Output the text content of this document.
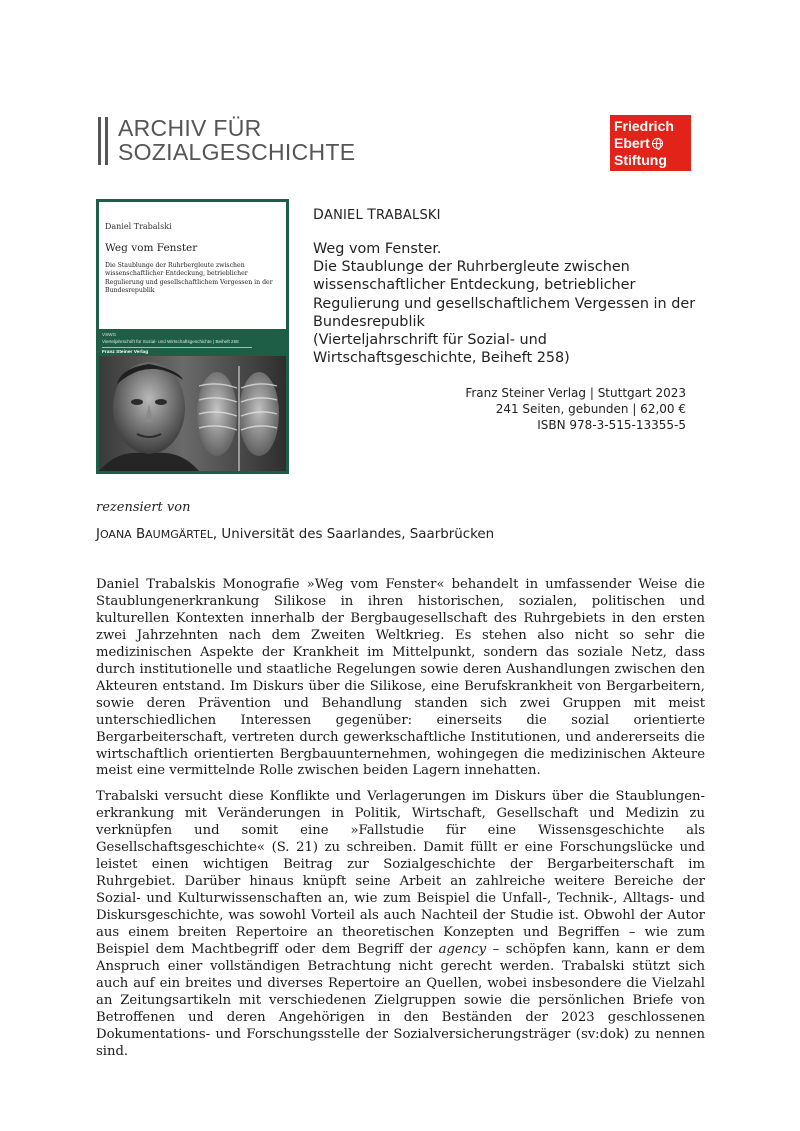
ARCHIV FÜR
SOZIALGESCHICHTE
Friedrich
Ebert
Stiftung
Daniel Trabalski
Weg vom Fenster
Die Staublunge der Ruhrbergleute zwischen wissenschaftlicher Entdeckung, betrieblicher Regulierung und gesellschaftlichem Vergessen in der Bundesrepublik
VSWG
Vierteljahrschrift für Sozial- und Wirtschaftsgeschichte | Beiheft 258
Franz Steiner Verlag
DANIEL TRABALSKI
Weg vom Fenster.
Die Staublunge der Ruhrbergleute zwischen wissenschaftlicher Entdeckung, betrieblicher Regulierung und gesellschaftlichem Vergessen in der Bundesrepublik
(Vierteljahrschrift für Sozial- und Wirtschaftsgeschichte, Beiheft 258)
Franz Steiner Verlag | Stuttgart 2023
241 Seiten, gebunden | 62,00 €
ISBN 978-3-515-13355-5
rezensiert von
JOANA BAUMGÄRTEL, Universität des Saarlandes, Saarbrücken

Daniel Trabalskis Monografie »Weg vom Fenster« behandelt in umfassender Weise die Staublungenerkrankung Silikose in ihren historischen, sozialen, politischen und kulturellen Kontexten innerhalb der Bergbaugesellschaft des Ruhrgebiets in den ersten zwei Jahrzehnten nach dem Zweiten Weltkrieg. Es stehen also nicht so sehr die medizinischen Aspekte der Krankheit im Mittelpunkt, sondern das soziale Netz, dass durch institutionelle und staatliche Regelungen sowie deren Aushandlungen zwischen den Akteuren entstand. Im Diskurs über die Silikose, eine Berufskrankheit von Bergarbeitern, sowie deren Prävention und Behandlung standen sich zwei Gruppen mit meist unterschiedlichen Interessen gegenüber: einerseits die sozial orientierte Bergarbeiterschaft, vertreten durch gewerkschaftliche Institutionen, und andererseits die wirtschaftlich orientierten Bergbauunternehmen, wohingegen die medizinischen Akteure meist eine vermittelnde Rolle zwischen beiden Lagern innehatten.

Trabalski versucht diese Konflikte und Verlagerungen im Diskurs über die Staublungen-erkrankung mit Veränderungen in Politik, Wirtschaft, Gesellschaft und Medizin zu verknüpfen und somit eine »Fallstudie für eine Wissensgeschichte als Gesellschaftsgeschichte« (S. 21) zu schreiben. Damit füllt er eine Forschungslücke und leistet einen wichtigen Beitrag zur Sozialgeschichte der Bergarbeiterschaft im Ruhrgebiet. Darüber hinaus knüpft seine Arbeit an zahlreiche weitere Bereiche der Sozial- und Kulturwissenschaften an, wie zum Beispiel die Unfall-, Technik-, Alltags- und Diskursgeschichte, was sowohl Vorteil als auch Nachteil der Studie ist. Obwohl der Autor aus einem breiten Repertoire an theoretischen Konzepten und Begriffen – wie zum Beispiel dem Machtbegriff oder dem Begriff der agency – schöpfen kann, kann er dem Anspruch einer vollständigen Betrachtung nicht gerecht werden. Trabalski stützt sich auch auf ein breites und diverses Repertoire an Quellen, wobei insbesondere die Vielzahl an Zeitungsartikeln mit verschiedenen Zielgruppen sowie die persönlichen Briefe von Betroffenen und deren Angehörigen in den Beständen der 2023 geschlossenen Dokumentations- und Forschungsstelle der Sozialversicherungsträger (sv:dok) zu nennen sind.
